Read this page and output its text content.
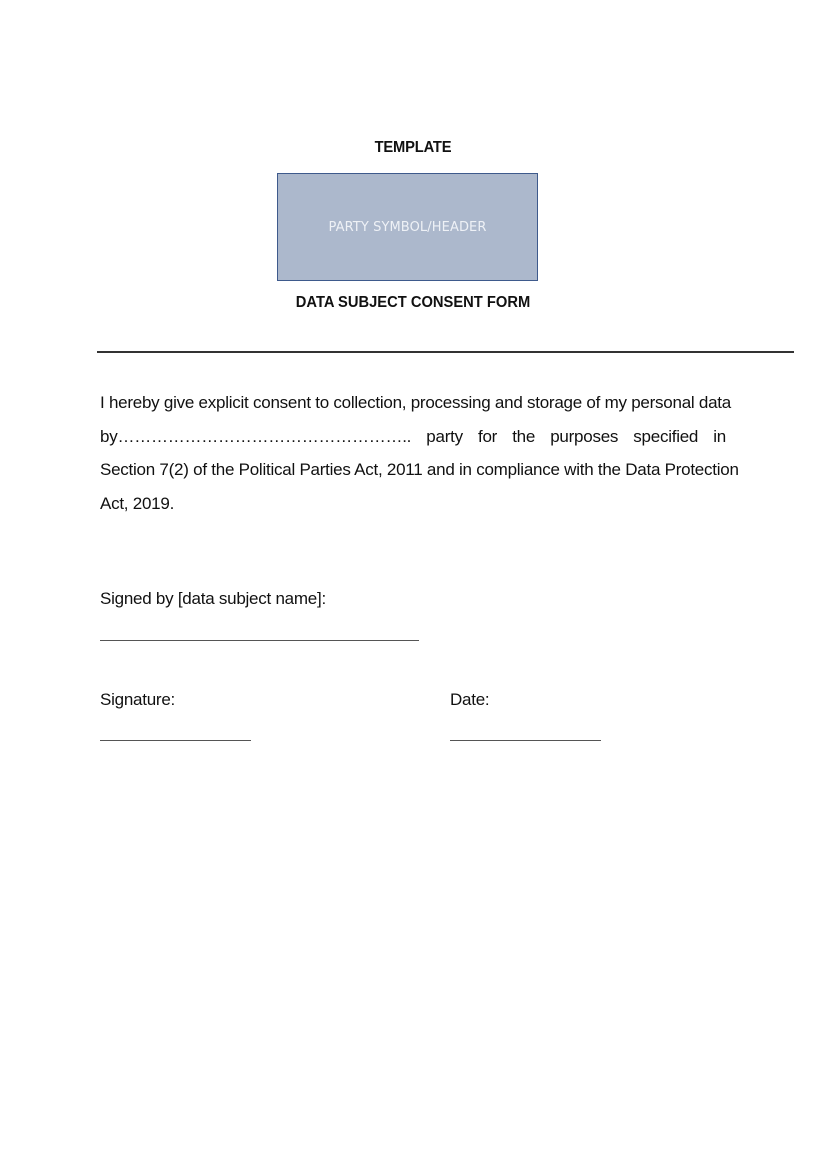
TEMPLATE
PARTY SYMBOL/HEADER
DATA SUBJECT CONSENT FORM
I hereby give explicit consent to collection, processing and storage of my personal data
by…………………………………………….. party for the purposes specified in
Section 7(2) of the Political Parties Act, 2011 and in compliance with the Data Protection
Act, 2019.
Signed by [data subject name]:
Signature:	Date:
